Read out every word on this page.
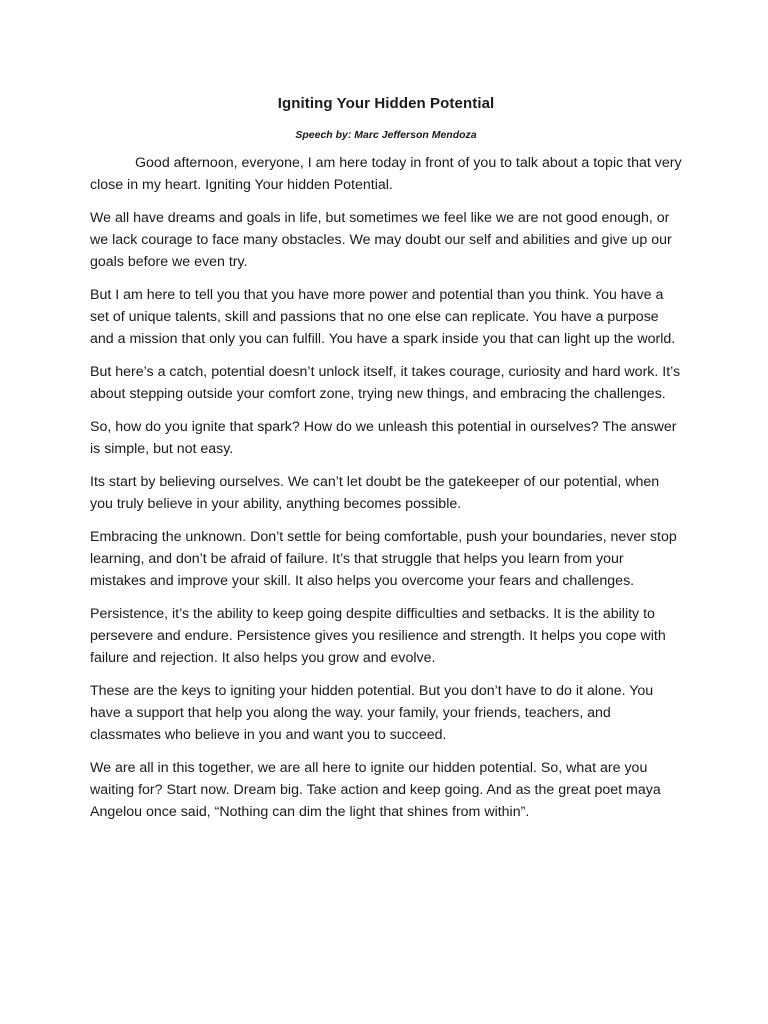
Igniting Your Hidden Potential
Speech by: Marc Jefferson Mendoza

Good afternoon, everyone, I am here today in front of you to talk about a topic that very close in my heart. Igniting Your hidden Potential.

We all have dreams and goals in life, but sometimes we feel like we are not good enough, or we lack courage to face many obstacles. We may doubt our self and abilities and give up our goals before we even try.

But I am here to tell you that you have more power and potential than you think. You have a set of unique talents, skill and passions that no one else can replicate. You have a purpose and a mission that only you can fulfill. You have a spark inside you that can light up the world.

But here’s a catch, potential doesn’t unlock itself, it takes courage, curiosity and hard work. It’s about stepping outside your comfort zone, trying new things, and embracing the challenges.

So, how do you ignite that spark? How do we unleash this potential in ourselves? The answer is simple, but not easy.

Its start by believing ourselves. We can’t let doubt be the gatekeeper of our potential, when you truly believe in your ability, anything becomes possible.

Embracing the unknown. Don’t settle for being comfortable, push your boundaries, never stop learning, and don’t be afraid of failure. It’s that struggle that helps you learn from your mistakes and improve your skill. It also helps you overcome your fears and challenges.

Persistence, it’s the ability to keep going despite difficulties and setbacks. It is the ability to persevere and endure. Persistence gives you resilience and strength. It helps you cope with failure and rejection. It also helps you grow and evolve.

These are the keys to igniting your hidden potential. But you don’t have to do it alone. You have a support that help you along the way. your family, your friends, teachers, and classmates who believe in you and want you to succeed.

We are all in this together, we are all here to ignite our hidden potential. So, what are you waiting for? Start now. Dream big. Take action and keep going. And as the great poet maya Angelou once said, “Nothing can dim the light that shines from within”.
